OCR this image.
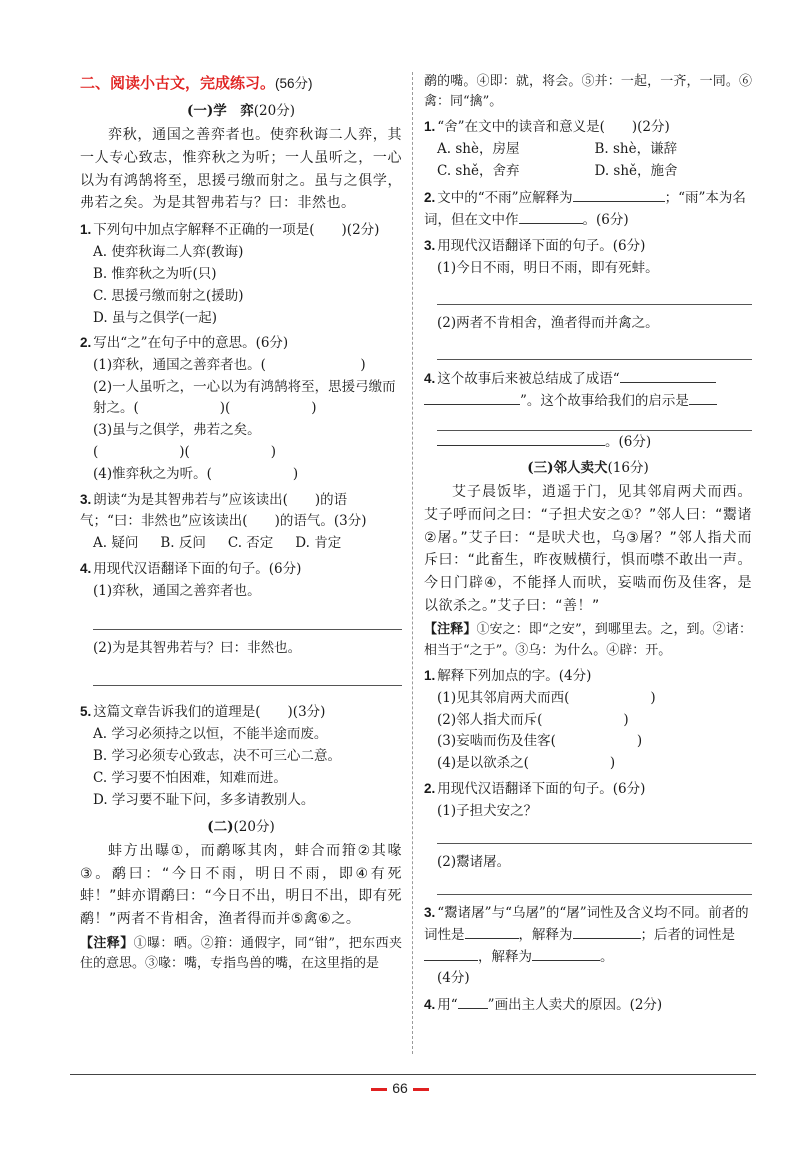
二、阅读小古文，完成练习。(56分)
(一)学　弈(20分)

弈秋，通国之善弈者也。使弈秋诲二人弈，其一人专心致志，惟弈秋之为听；一人虽听之，一心以为有鸿鹄将至，思援弓缴而射之。虽与之俱学，弗若之矣。为是其智弗若与？曰：非然也。

1. 下列句中加点字解释不正确的一项是(　　)(2分)
A. 使弈秋诲二人弈(教诲)
B. 惟弈秋之为听(只)
C. 思援弓缴而射之(援助)
D. 虽与之俱学(一起)
2. 写出“之”在句子中的意思。(6分)
(1)弈秋，通国之善弈者也。(　　　　　　　)
(2)一人虽听之，一心以为有鸿鹄将至，思援弓缴而射之。(　　　　　　)(　　　　　　)
(3)虽与之俱学，弗若之矣。
(　　　　　　)(　　　　　　)
(4)惟弈秋之为听。(　　　　　　)
3. 朗读“为是其智弗若与”应该读出(　　)的语气；“曰：非然也”应该读出(　　)的语气。(3分)
A. 疑问 B. 反问 C. 否定 D. 肯定
4. 用现代汉语翻译下面的句子。(6分)
(1)弈秋，通国之善弈者也。
(2)为是其智弗若与？曰：非然也。
5. 这篇文章告诉我们的道理是(　　)(3分)
A. 学习必须持之以恒，不能半途而废。
B. 学习必须专心致志，决不可三心二意。
C. 学习要不怕困难，知难而进。
D. 学习要不耻下问，多多请教别人。
(二)(20分)

蚌方出曝①，而鹬啄其肉，蚌合而箝②其喙③。鹬曰：“今日不雨，明日不雨，即④有死蚌！”蚌亦谓鹬曰：“今日不出，明日不出，即有死鹬！”两者不肯相舍，渔者得而并⑤禽⑥之。

【注释】①曝：晒。②箝：通假字，同“钳”，把东西夹住的意思。③喙：嘴，专指鸟兽的嘴，在这里指的是
鹬的嘴。④即：就，将会。⑤并：一起，一齐，一同。⑥禽：同“擒”。
1. “舍”在文中的读音和意义是(　　)(2分)
A. shè，房屋	B. shè，谦辞
C. shě，舍弃	D. shě，施舍
2. 文中的“不雨”应解释为	；“雨”本为名词，但在文中作	。(6分)
3. 用现代汉语翻译下面的句子。(6分)
(1)今日不雨，明日不雨，即有死蚌。
(2)两者不肯相舍，渔者得而并禽之。
4. 这个故事后来被总结成了成语“”。这个故事给我们的启示是
。(6分)
(三)邻人卖犬(16分)

艾子晨饭毕，逍遥于门，见其邻肩两犬而西。艾子呼而问之曰：“子担犬安之①？”邻人曰：“鬻诸②屠。”艾子曰：“是吠犬也，乌③屠？”邻人指犬而斥曰：“此畜生，昨夜贼横行，惧而噤不敢出一声。今日门辟④，不能择人而吠，妄啮而伤及佳客，是以欲杀之。”艾子曰：“善！”

【注释】①安之：即“之安”，到哪里去。之，到。②诸：相当于“之于”。③乌：为什么。④辟：开。
1. 解释下列加点的字。(4分)
(1)见其邻肩两犬而西(　　　　　　)
(2)邻人指犬而斥(　　　　　　)
(3)妄啮而伤及佳客(　　　　　　)
(4)是以欲杀之(　　　　　　)
2. 用现代汉语翻译下面的句子。(6分)
(1)子担犬安之？
(2)鬻诸屠。
3. “鬻诸屠”与“乌屠”的“屠”词性及含义均不同。前者的词性是	，解释为	；后者的词性是，解释为	。
(4分)
4. 用“ ”画出主人卖犬的原因。(2分)
66
